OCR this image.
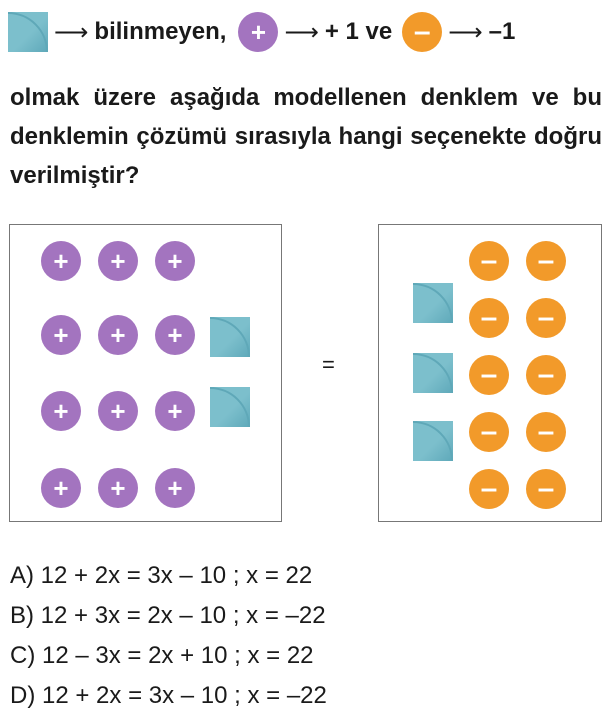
⟶ bilinmeyen, + ⟶ + 1 ve – ⟶ –1
olmak üzere aşağıda modellenen denklem ve bu denklemin çözümü sırasıyla hangi seçenekte doğru verilmiştir?
+	+	+
+	+	+
+	+	+
+	+	+
=
–	–
–	–
–	–
–	–
–	–
A) 12 + 2x = 3x – 10 ; x = 22
B) 12 + 3x = 2x – 10 ; x = –22
C) 12 – 3x = 2x + 10 ; x = 22
D) 12 + 2x = 3x – 10 ; x = –22
